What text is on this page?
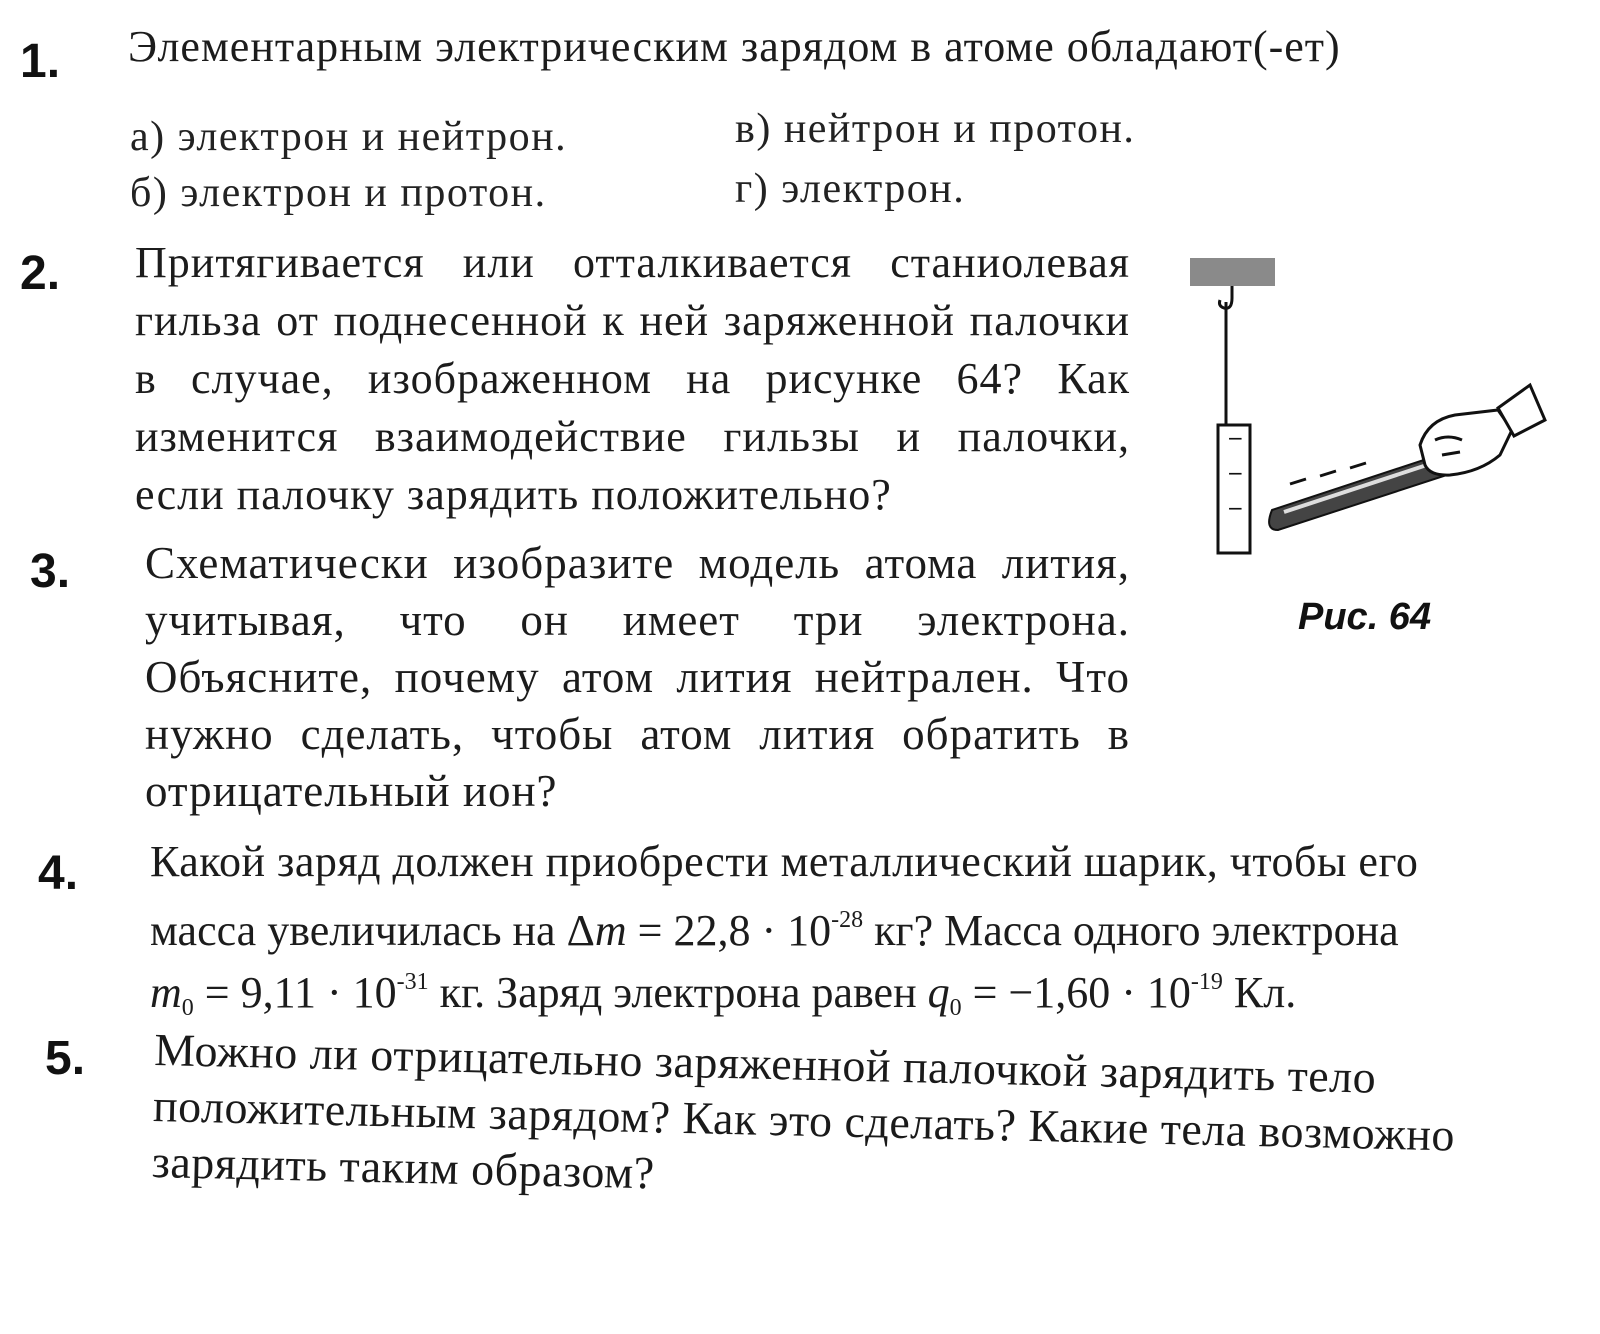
1. Элементарным электрическим зарядом в атоме обладают(-ет)
а) электрон и нейтрон.	в) нейтрон и протон.
б) электрон и протон.	г) электрон.
2. Притягивается или отталкивается станиолевая гильза от поднесенной к ней заряженной палочки в случае, изображенном на рисунке 64? Как изменится взаимодействие гильзы и палочки, если палочку зарядить положительно?
−
−
−
Рис. 64
3. Схематически изобразите модель атома лития, учитывая, что он имеет три электрона. Объясните, почему атом лития нейтрален. Что нужно сделать, чтобы атом лития обратить в отрицательный ион?
4. Какой заряд должен приобрести металлический шарик, чтобы его
масса увеличилась на $\Delta m = 22,8 \cdot 10^{-28}$ кг? Масса одного электрона
$m_0 = 9,11 \cdot 10^{-31}$ кг. Заряд электрона равен $q_0 = -1,60 \cdot 10^{-19}$ Кл.
5. Можно ли отрицательно заряженной палочкой зарядить тело положительным зарядом? Как это сделать? Какие тела возможно зарядить таким образом?
